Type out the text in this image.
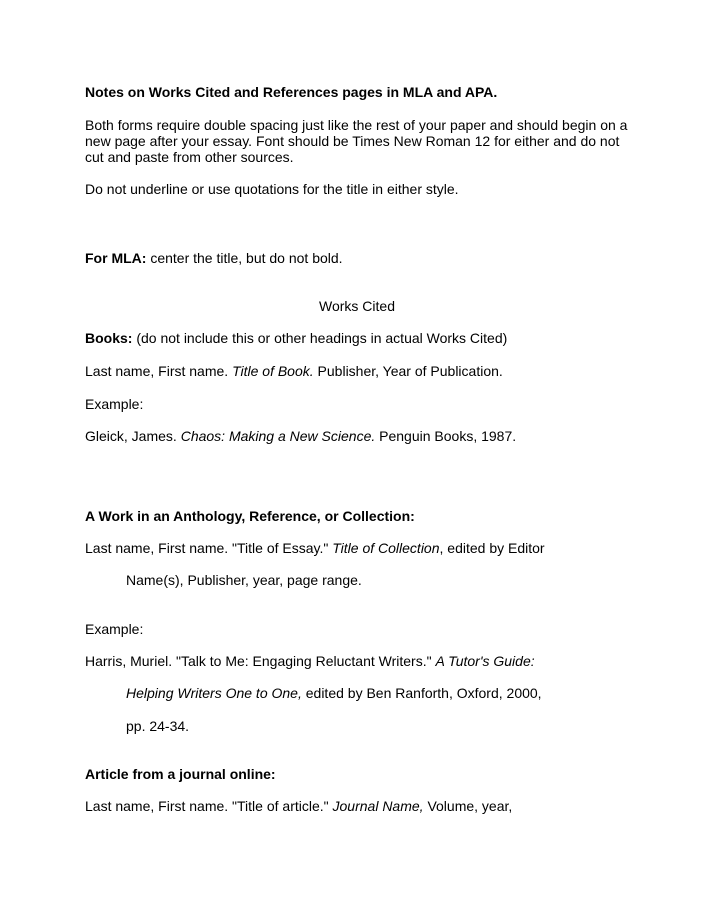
Notes on Works Cited and References pages in MLA and APA.
Both forms require double spacing just like the rest of your paper and should begin on a
new page after your essay. Font should be Times New Roman 12 for either and do not
cut and paste from other sources.
Do not underline or use quotations for the title in either style.
For MLA: center the title, but do not bold.
Works Cited
Books: (do not include this or other headings in actual Works Cited)
Last name, First name. Title of Book. Publisher, Year of Publication.
Example:
Gleick, James. Chaos: Making a New Science. Penguin Books, 1987.
A Work in an Anthology, Reference, or Collection:
Last name, First name. "Title of Essay." Title of Collection, edited by Editor
Name(s), Publisher, year, page range.
Example:
Harris, Muriel. "Talk to Me: Engaging Reluctant Writers." A Tutor's Guide:
Helping Writers One to One, edited by Ben Ranforth, Oxford, 2000,
pp. 24-34.
Article from a journal online:
Last name, First name. "Title of article." Journal Name, Volume, year,
